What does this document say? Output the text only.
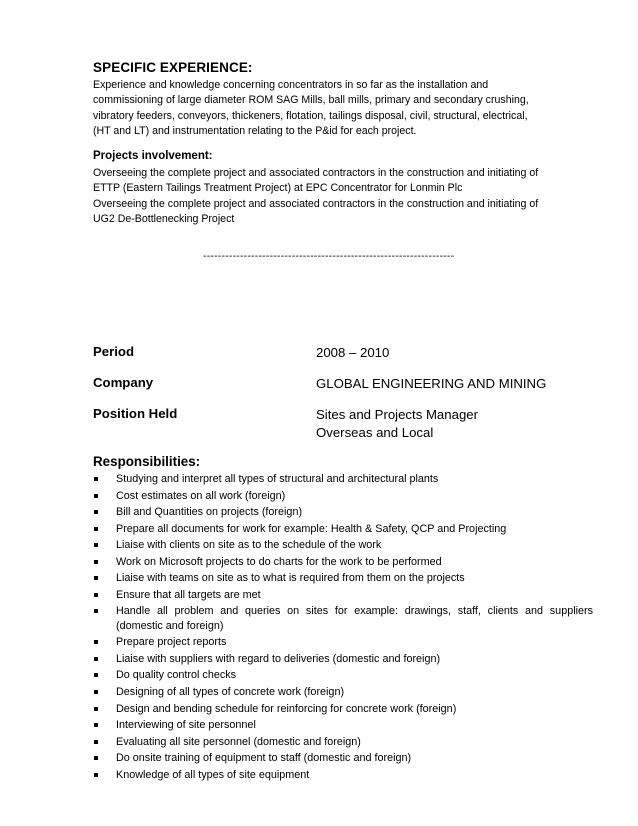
SPECIFIC EXPERIENCE:

Experience and knowledge concerning concentrators in so far as the installation and
commissioning of large diameter ROM SAG Mills, ball mills, primary and secondary crushing,
vibratory feeders, conveyors, thickeners, flotation, tailings disposal, civil, structural, electrical,
(HT and LT) and instrumentation relating to the P&id for each project.

Projects involvement:

Overseeing the complete project and associated contractors in the construction and initiating of
ETTP (Eastern Tailings Treatment Project) at EPC Concentrator for Lonmin Plc
Overseeing the complete project and associated contractors in the construction and initiating of
UG2 De-Bottlenecking Project

--------------------------------------------------------------------

Period	2008 – 2010

Company	GLOBAL ENGINEERING AND MINING

Position Held	Sites and Projects Manager
Overseas and Local

Responsibilities:
Studying and interpret all types of structural and architectural plants
Cost estimates on all work (foreign)
Bill and Quantities on projects (foreign)
Prepare all documents for work for example: Health & Safety, QCP and Projecting
Liaise with clients on site as to the schedule of the work
Work on Microsoft projects to do charts for the work to be performed
Liaise with teams on site as to what is required from them on the projects
Ensure that all targets are met
Handle all problem and queries on sites for example: drawings, staff, clients and suppliers (domestic and foreign)
Prepare project reports
Liaise with suppliers with regard to deliveries (domestic and foreign)
Do quality control checks
Designing of all types of concrete work (foreign)
Design and bending schedule for reinforcing for concrete work (foreign)
Interviewing of site personnel
Evaluating all site personnel (domestic and foreign)
Do onsite training of equipment to staff (domestic and foreign)
Knowledge of all types of site equipment
